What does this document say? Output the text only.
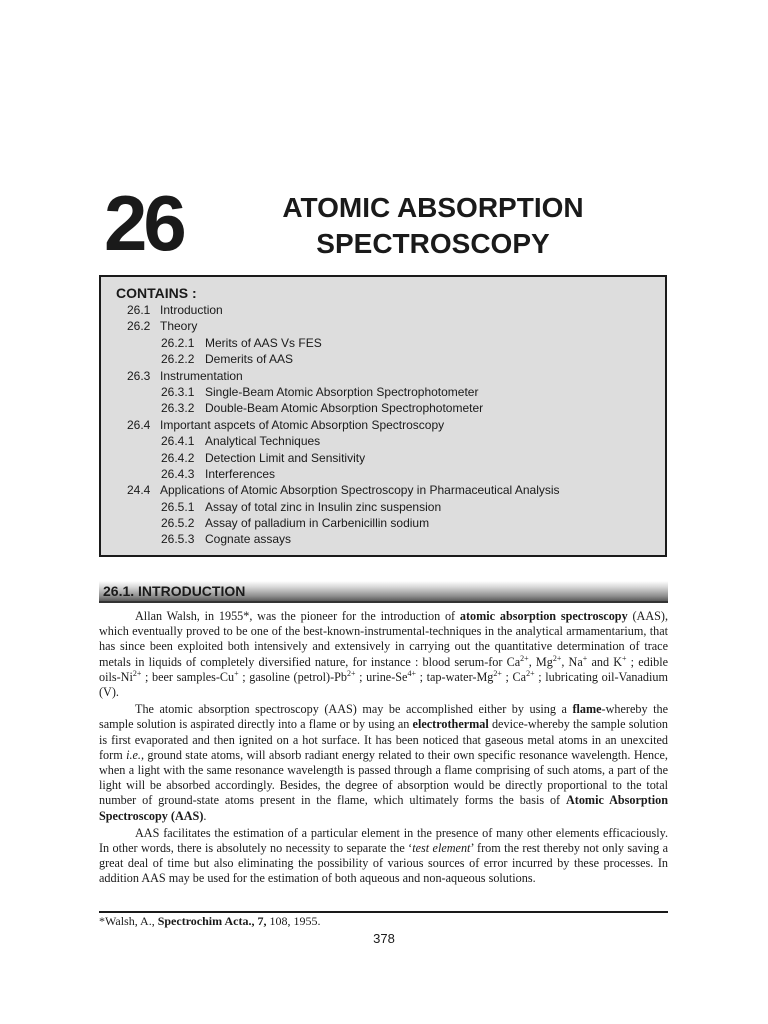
26	ATOMIC ABSORPTION
SPECTROSCOPY
CONTAINS :
26.1 Introduction
26.2 Theory
26.2.1 Merits of AAS Vs FES
26.2.2 Demerits of AAS
26.3 Instrumentation
26.3.1 Single-Beam Atomic Absorption Spectrophotometer
26.3.2 Double-Beam Atomic Absorption Spectrophotometer
26.4 Important aspcets of Atomic Absorption Spectroscopy
26.4.1 Analytical Techniques
26.4.2 Detection Limit and Sensitivity
26.4.3 Interferences
24.4 Applications of Atomic Absorption Spectroscopy in Pharmaceutical Analysis
26.5.1 Assay of total zinc in Insulin zinc suspension
26.5.2 Assay of palladium in Carbenicillin sodium
26.5.3 Cognate assays
26.1. INTRODUCTION

Allan Walsh, in 1955*, was the pioneer for the introduction of atomic absorption spectroscopy (AAS), which eventually proved to be one of the best-known-instrumental-techniques in the analytical armamentarium, that has since been exploited both intensively and extensively in carrying out the quantitative determination of trace metals in liquids of completely diversified nature, for instance : blood serum-for $Ca^{2+}$, $Mg^{2+}$, Na+ and K+ ; edible oils-$Ni^{2+}$ ; beer samples-Cu+ ; gasoline $(petrol)-Pb^{2+}$ ; urine-$Se^{4+}$ ; tap-$water-Mg^{2+}$ ; $Ca^{2+}$ ; lubricating oil-Vanadium (V).

The atomic absorption spectroscopy (AAS) may be accomplished either by using a flame-whereby the sample solution is aspirated directly into a flame or by using an electrothermal device-whereby the sample solution is first evaporated and then ignited on a hot surface. It has been noticed that gaseous metal atoms in an unexcited form i.e., ground state atoms, will absorb radiant energy related to their own specific resonance wavelength. Hence, when a light with the same resonance wavelength is passed through a flame comprising of such atoms, a part of the light will be absorbed accordingly. Besides, the degree of absorption would be directly proportional to the total number of ground-state atoms present in the flame, which ultimately forms the basis of Atomic Absorption Spectroscopy (AAS).

AAS facilitates the estimation of a particular element in the presence of many other elements efficaciously. In other words, there is absolutely no necessity to separate the ‘test element’ from the rest thereby not only saving a great deal of time but also eliminating the possibility of various sources of error incurred by these processes. In addition AAS may be used for the estimation of both aqueous and non-aqueous solutions.

*Walsh, A., Spectrochim Acta., 7, 108, 1955.
378
